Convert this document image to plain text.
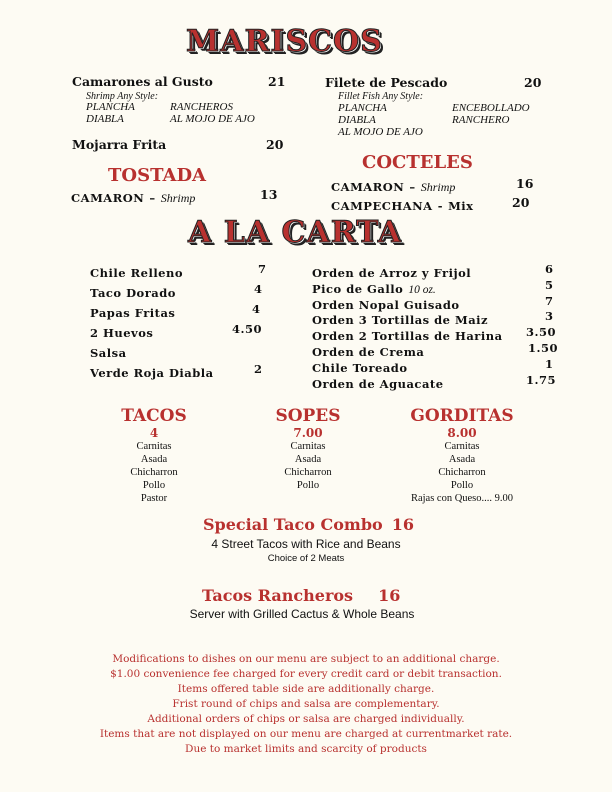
MARISCOS
Camarones al Gusto	21
Shrimp Any Style:
PLANCHA	RANCHEROS
DIABLA	AL MOJO DE AJO
Filete de Pescado	20
Fillet Fish Any Style:
PLANCHA	ENCEBOLLADO
DIABLA	RANCHERO
AL MOJO DE AJO
Mojarra Frita	20
TOSTADA
CAMARON – Shrimp	13
COCTELES
CAMARON – Shrimp	16
CAMPECHANA - Mix	20
A LA CARTA
Chile Relleno	7
Taco Dorado	4
Papas Fritas	4
2 Huevos	4.50
Salsa
Verde Roja Diabla	2
Orden de Arroz y Frijol	6
Pico de Gallo 10 oz.	5
Orden Nopal Guisado	7
Orden 3 Tortillas de Maiz	3
Orden 2 Tortillas de Harina 3.50
Orden de Crema	1.50
Chile Toreado	1
Orden de Aguacate	1.75
TACOS
4
Carnitas
Asada
Chicharron
Pollo
Pastor
SOPES
7.00
Carnitas
Asada
Chicharron
Pollo
GORDITAS
8.00
Carnitas
Asada
Chicharron
Pollo
Rajas con Queso.... 9.00
Special Taco Combo 16
4 Street Tacos with Rice and Beans
Choice of 2 Meats
Tacos Rancheros 16
Server with Grilled Cactus & Whole Beans
Modifications to dishes on our menu are subject to an additional charge.
$1.00 convenience fee charged for every credit card or debit transaction.
Items offered table side are additionally charge.
Frist round of chips and salsa are complementary.
Additional orders of chips or salsa are charged individually.
Items that are not displayed on our menu are charged at currentmarket rate.
Due to market limits and scarcity of products
